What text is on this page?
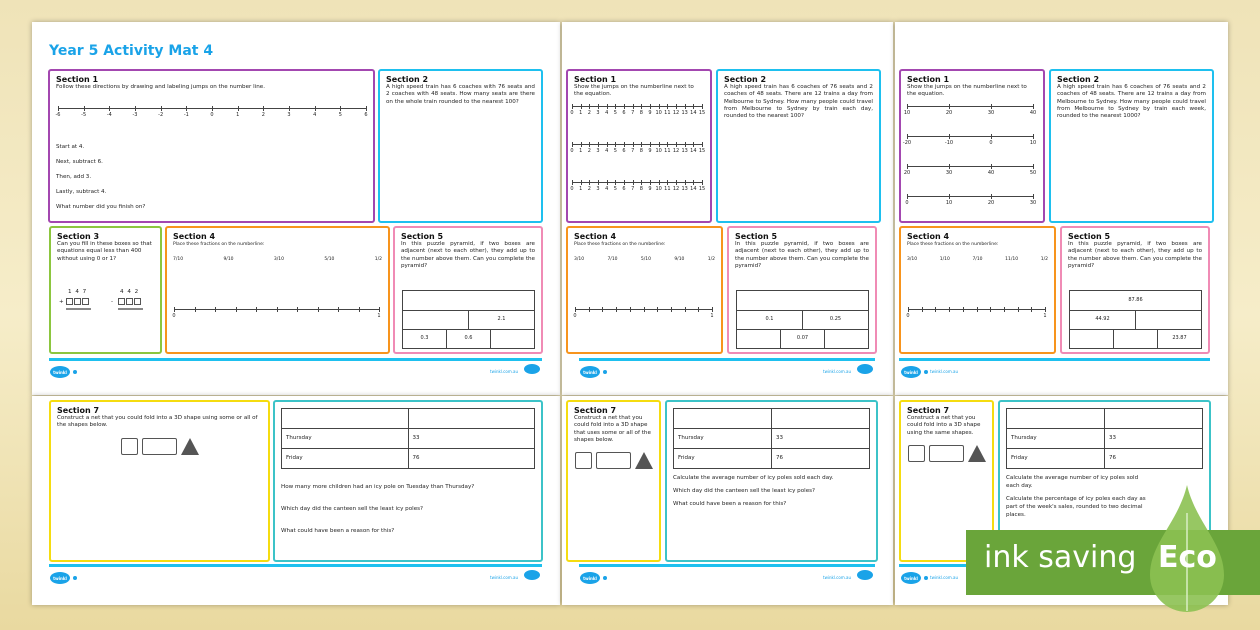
Year 5 Activity Mat 4
Section 1
Follow these directions by drawing and labeling jumps on the number line.
-6	-5	-4	-3	-2	-1	0	1	2	3	4	5	6
Start at 4.
Next, subtract 6.
Then, add 3.
Lastly, subtract 4.
What number did you finish on?
Section 2
A high speed train has 6 coaches with 76 seats and 2 coaches with 48 seats. How many seats are there on the whole train rounded to the nearest 100?
Section 3
Can you fill in these boxes so that equations equal less than 400 without using 0 or 1?
1 4 7
+
4 4 2
-
Section 4
Place these fractions on the numberline:
7/10	9/10	3/10	5/10	1/2
0	1
Section 5
In this puzzle pyramid, if two boxes are adjacent (next to each other), they add up to the number above them. Can you complete the pyramid?
2.1
0.3	0.6
twinkl	twinkl.com.au
Section 7
Construct a net that you could fold into a 3D shape using some or all of the shapes below.

Thursday	33
Friday	76
How many more children had an icy pole on Tuesday than Thursday?
Which day did the canteen sell the least icy poles?
What could have been a reason for this?
twinkl	twinkl.com.au
Section 1
Show the jumps on the numberline next to the equation.
0 1 2 3 4 5 6 7 8 9 10 11 12 13 14 15
0 1 2 3 4 5 6 7 8 9 10 11 12 13 14 15
0 1 2 3 4 5 6 7 8 9 10 11 12 13 14 15
Section 2
A high speed train has 6 coaches of 76 seats and 2 coaches of 48 seats. There are 12 trains a day from Melbourne to Sydney. How many people could travel from Melbourne to Sydney by train each day, rounded to the nearest 100?
Section 4
Place these fractions on the numberline:
3/10	7/10	5/10	9/10	1/2
0	1
Section 5
In this puzzle pyramid, if two boxes are adjacent (next to each other), they add up to the number above them. Can you complete the pyramid?
0.1	0.25
0.07
twinkl	twinkl.com.au
Section 7
Construct a net that you could fold into a 3D shape that uses some or all of the shapes below.
		Thursday	33
Friday	76
Calculate the average number of icy poles sold each day.
Which day did the canteen sell the least icy poles?
What could have been a reason for this?
twinkl	twinkl.com.au
Section 1
Show the jumps on the numberline next to the equation.
10	20	30	40
-20	-10	0	10
20	30	40	50
0	10	20	30
Section 2
A high speed train has 6 coaches of 76 seats and 2 coaches of 48 seats. There are 12 trains a day from Melbourne to Sydney. How many people could travel from Melbourne to Sydney by train each week, rounded to the nearest 1000?
Section 4
Place these fractions on the numberline:
3/10	1/10	7/10	11/10	1/2
0	1
Section 5
In this puzzle pyramid, if two boxes are adjacent (next to each other), they add up to the number above them. Can you complete the pyramid?
87.86
44.92
23.87
twinkl	twinkl.com.au
Section 7
Construct a net that you could fold into a 3D shape using the same shapes.

Thursday	33
Friday	76
Calculate the average number of icy poles sold each day.
Calculate the percentage of icy poles each day as part of the week's sales, rounded to two decimal places.
twinkl	twinkl.com.au
ink saving Eco
